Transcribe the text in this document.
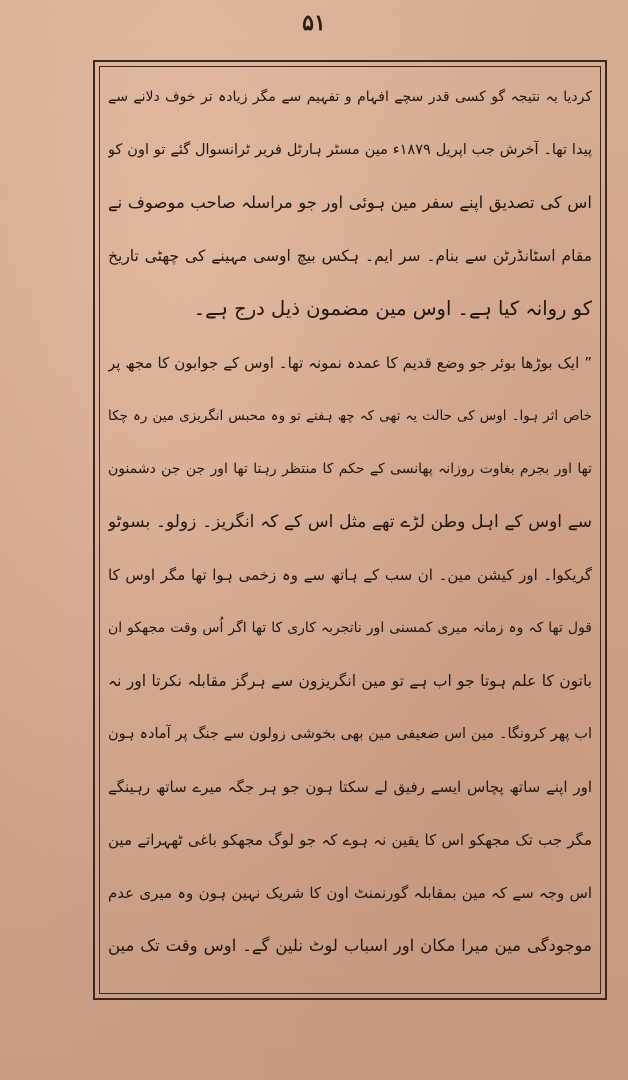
۵۱
کردیا یہ نتیجہ گو کسی قدر سچے افہام و تفہیم سے مگر زیادہ تر خوف دلانے سے
پیدا تھا۔ آخرش جب اپریل ۱۸۷۹ء مین مسٹر ہارٹل فریر ٹرانسوال گئے تو اون کو
اس کی تصدیق اپنے سفر مین ہوئی اور جو مراسلہ صاحب موصوف نے
مقام اسٹانڈرٹن سے بنام۔ سر ایم۔ ہکس بیچ اوسی مہینے کی چھٹی تاریخ
کو روانہ کیا ہے۔ اوس مین مضمون ذیل درج ہے۔
” ایک بوڑھا بوئر جو وضع قدیم کا عمدہ نمونہ تھا۔ اوس کے جوابون کا مجھ پر
خاص اثر ہوا۔ اوس کی حالت یہ تھی کہ چھ ہفتے تو وہ محبس انگریزی مین رہ چکا
تھا اور بجرم بغاوت روزانہ پھانسی کے حکم کا منتظر رہتا تھا اور جن جن دشمنون
سے اوس کے اہل وطن لڑے تھے مثل اس کے کہ انگریز۔ زولو۔ بسوٹو
گریکوا۔ اور کیشن مین۔ ان سب کے ہاتھ سے وہ زخمی ہوا تھا مگر اوس کا
قول تھا کہ وہ زمانہ میری کمسنی اور ناتجربہ کاری کا تھا اگر اُس وقت مجھکو ان
باتون کا علم ہوتا جو اب ہے تو مین انگریزون سے ہرگز مقابلہ نکرتا اور نہ
اب پھر کرونگا۔ مین اس ضعیفی مین بھی بخوشی زولون سے جنگ پر آمادہ ہون
اور اپنے ساتھ پچاس ایسے رفیق لے سکتا ہون جو ہر جگہ میرے ساتھ رہینگے
مگر جب تک مجھکو اس کا یقین نہ ہوے کہ جو لوگ مجھکو باغی ٹھہراتے مین
اس وجہ سے کہ مین بمقابلہ گورنمنٹ اون کا شریک نہین ہون وہ میری عدم
موجودگی مین میرا مکان اور اسباب لوٹ نلین گے۔ اوس وقت تک مین
